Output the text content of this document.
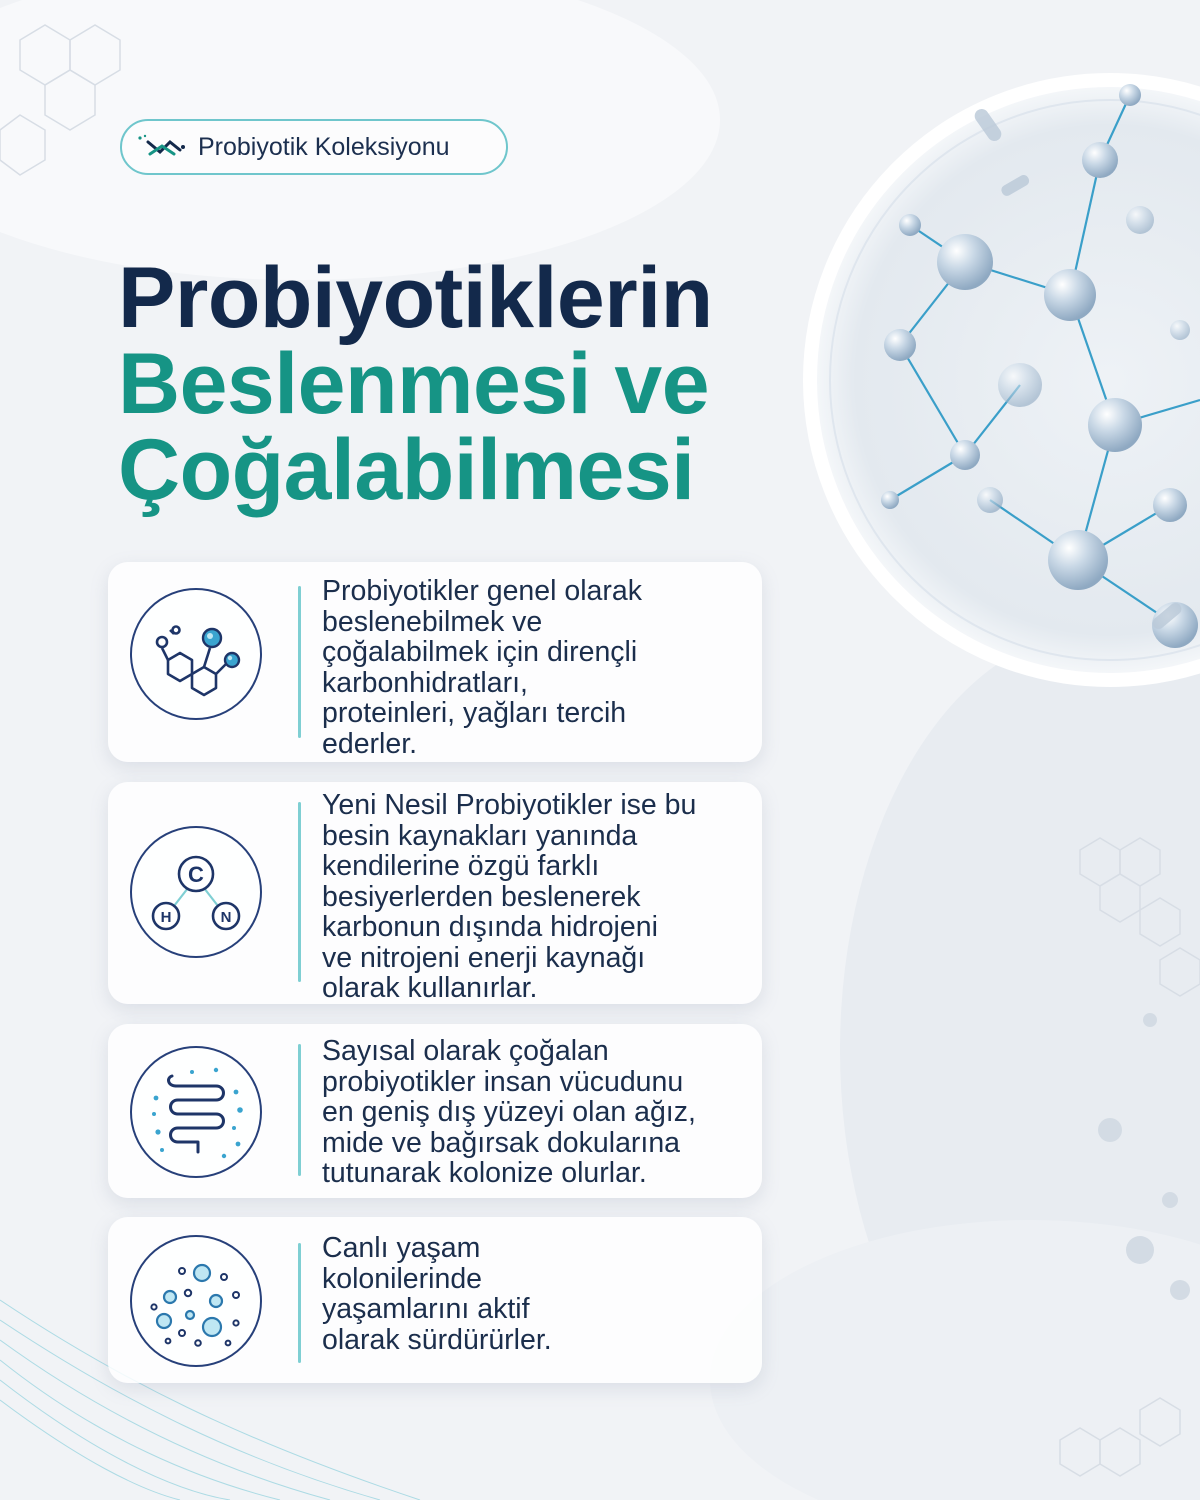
Probiyotik Koleksiyonu
Probiyotiklerin
Beslenmesi ve
Çoğalabilmesi

Probiyotikler genel olarak
beslenebilmek ve
çoğalabilmek için dirençli
karbonhidratları,
proteinleri, yağları tercih
ederler.

C
H	N

Yeni Nesil Probiyotikler ise bu
besin kaynakları yanında
kendilerine özgü farklı
besiyerlerden beslenerek
karbonun dışında hidrojeni
ve nitrojeni enerji kaynağı
olarak kullanırlar.

Sayısal olarak çoğalan
probiyotikler insan vücudunu
en geniş dış yüzeyi olan ağız,
mide ve bağırsak dokularına
tutunarak kolonize olurlar.

Canlı yaşam
kolonilerinde
yaşamlarını aktif
olarak sürdürürler.
